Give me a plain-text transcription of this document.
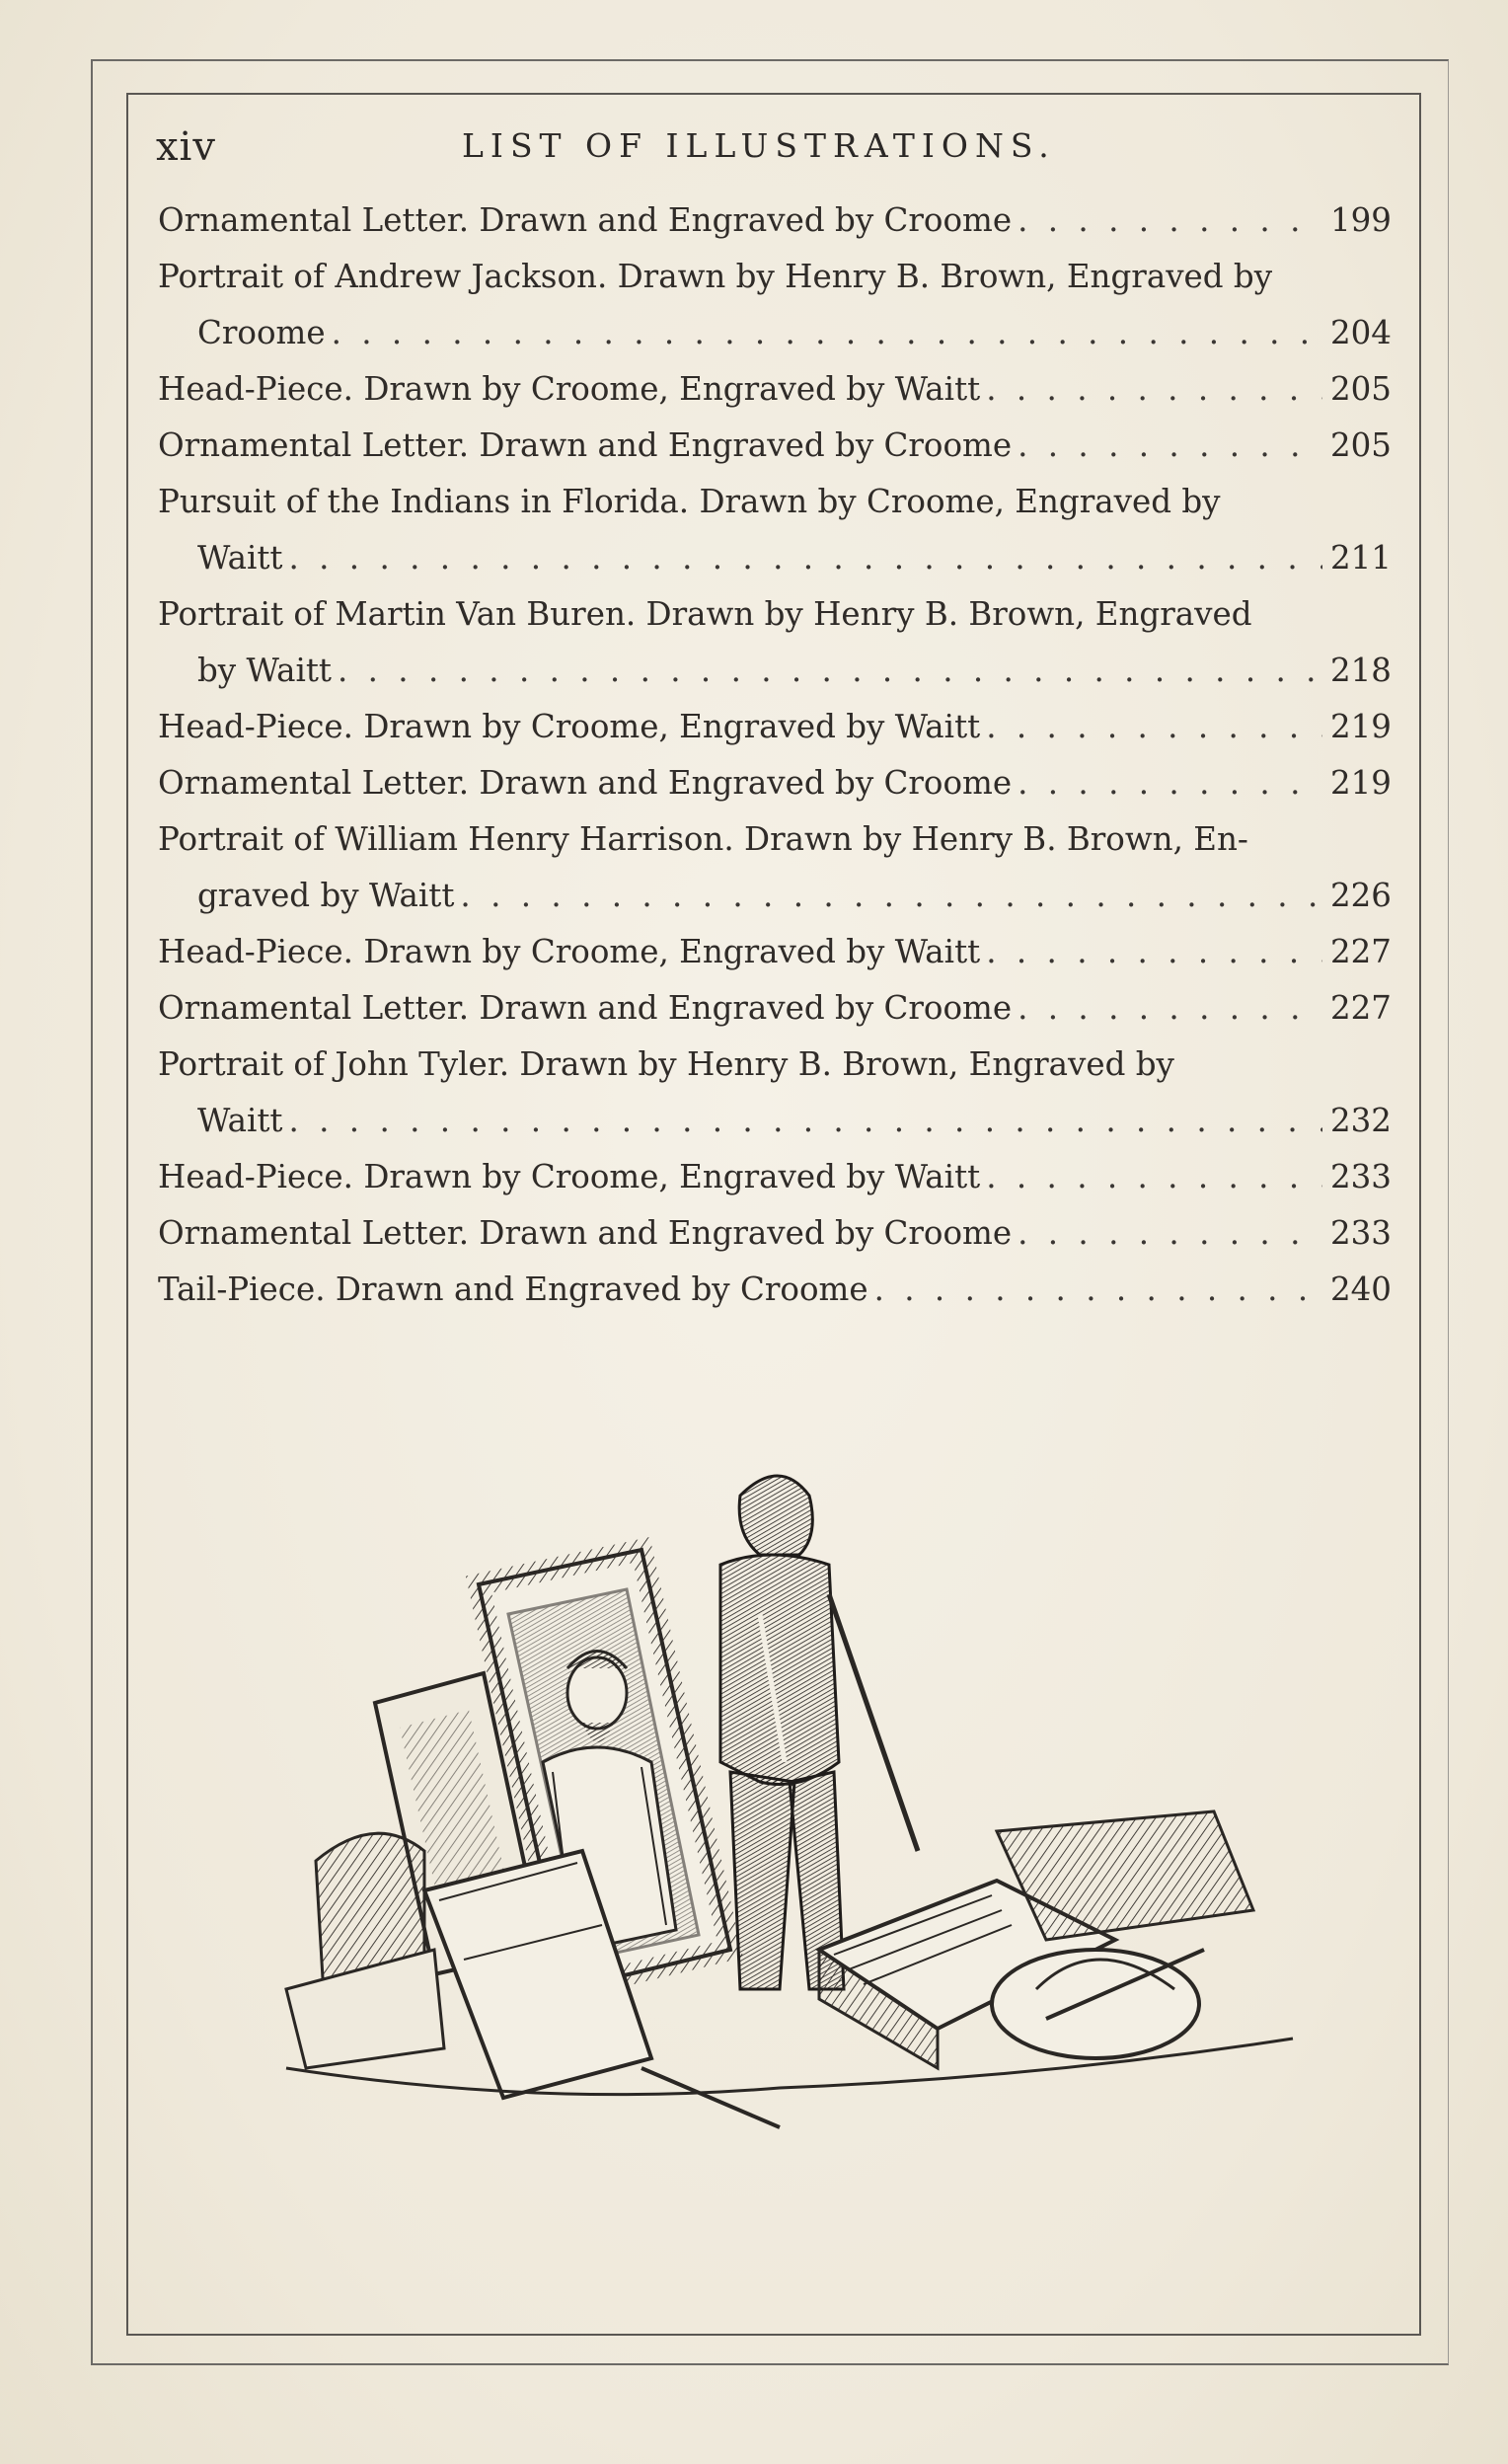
xiv	LIST OF ILLUSTRATIONS.
Ornamental Letter. Drawn and Engraved by Croome . . .	199
Portrait of Andrew Jackson. Drawn by Henry B. Brown, Engraved by
Croome . . .	204
Head-Piece. Drawn by Croome, Engraved by Waitt . . .	205
Ornamental Letter. Drawn and Engraved by Croome . . .	205
Pursuit of the Indians in Florida. Drawn by Croome, Engraved by
Waitt . . .	211
Portrait of Martin Van Buren. Drawn by Henry B. Brown, Engraved
by Waitt . . .	218
Head-Piece. Drawn by Croome, Engraved by Waitt . . .	219
Ornamental Letter. Drawn and Engraved by Croome . . .	219
Portrait of William Henry Harrison. Drawn by Henry B. Brown, En-
graved by Waitt . . .	226
Head-Piece. Drawn by Croome, Engraved by Waitt . . .	227
Ornamental Letter. Drawn and Engraved by Croome . . .	227
Portrait of John Tyler. Drawn by Henry B. Brown, Engraved by
Waitt . . .	232
Head-Piece. Drawn by Croome, Engraved by Waitt . . .	233
Ornamental Letter. Drawn and Engraved by Croome . . .	233
Tail-Piece. Drawn and Engraved by Croome . . .	240
